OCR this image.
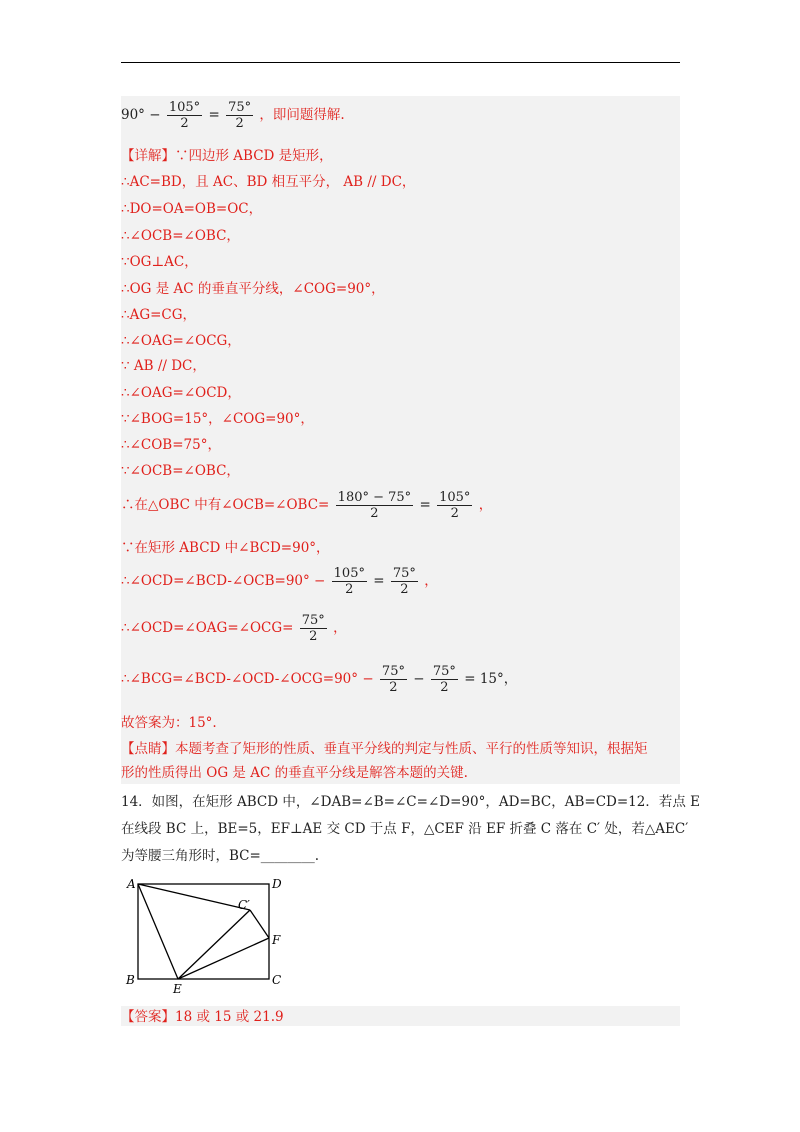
$90^\circ - \frac{105^\circ}{2} = \frac{75^\circ}{2}$ ，即问题得解.
【详解】∵四边形 ABCD 是矩形，
∴AC=BD，且 AC、BD 相互平分， AB // DC，
∴DO=OA=OB=OC，
∴∠OCB=∠OBC，
∵OG⊥AC，
∴OG 是 AC 的垂直平分线，∠COG=90°，
∴AG=CG，
∴∠OAG=∠OCG，
∵ AB // DC，
∴∠OAG=∠OCD，
∵∠BOG=15°，∠COG=90°，
∴∠COB=75°，
∵∠OCB=∠OBC，
∴在△OBC 中有∠OCB=∠OBC= $\frac{180^\circ - 75^\circ}{2} = \frac{105^\circ}{2}$ ，
∵在矩形 ABCD 中∠BCD=90°，
∴∠OCD=∠BCD-∠OCB=90° − $\frac{105^\circ}{2} = \frac{75^\circ}{2}$ ，
∴∠OCD=∠OAG=∠OCG= $\frac{75^\circ}{2}$ ，
∴∠BCG=∠BCD-∠OCD-∠OCG=90° − $\frac{75^\circ}{2} - \frac{75^\circ}{2} = 15^\circ$，
故答案为：15°.
【点睛】本题考查了矩形的性质、垂直平分线的判定与性质、平行的性质等知识，根据矩
形的性质得出 OG 是 AC 的垂直平分线是解答本题的关键.
14．如图，在矩形 ABCD 中，∠DAB=∠B=∠C=∠D=90°，AD=BC，AB=CD=12．若点 E
在线段 BC 上，BE=5，EF⊥AE 交 CD 于点 F，△CEF 沿 EF 折叠 C 落在 C′ 处，若△AEC′
为等腰三角形时，BC=________.
A	D
B	C
E
F
C′
【答案】18 或 15 或 21.9
